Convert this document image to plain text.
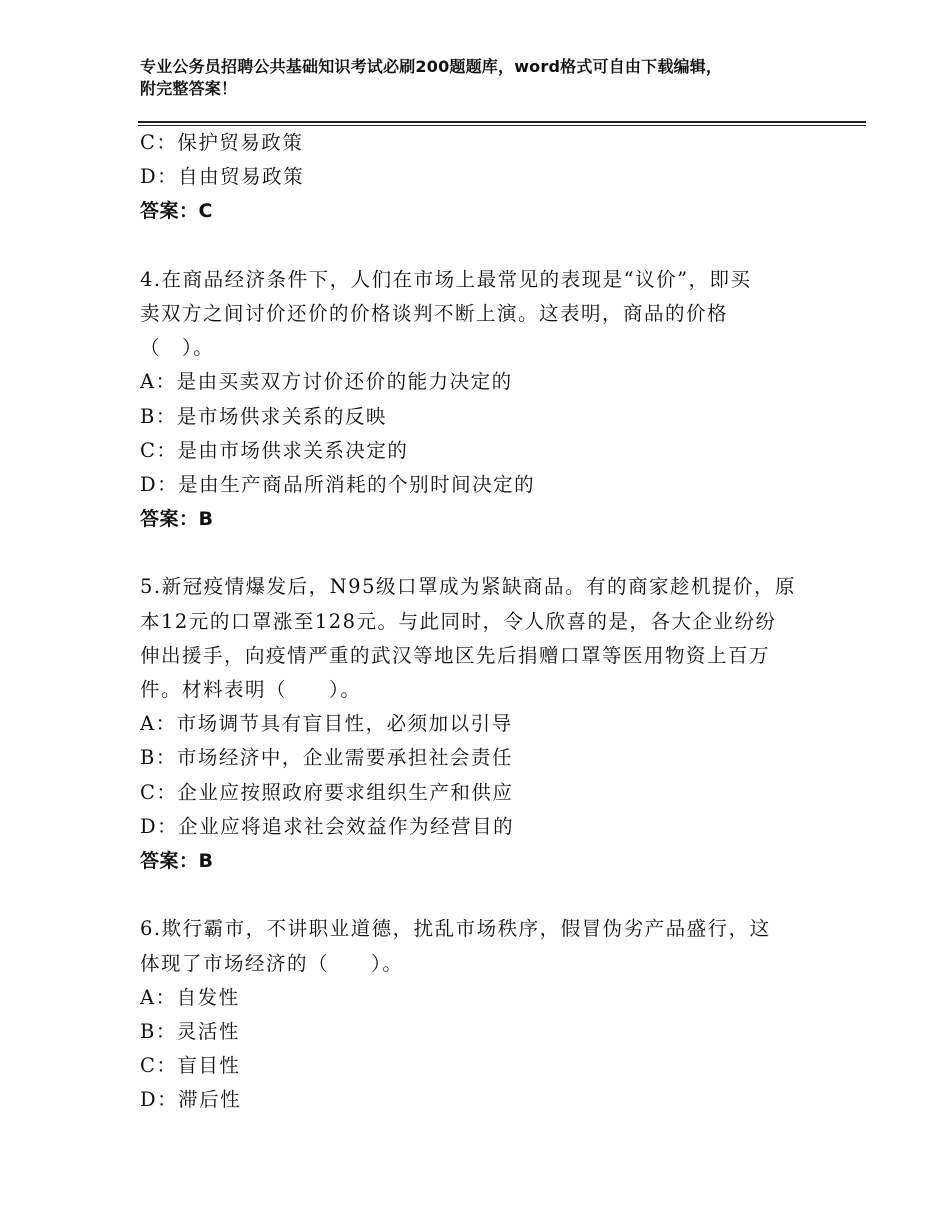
专业公务员招聘公共基础知识考试必刷200题题库，word格式可自由下载编辑，
附完整答案！
C：保护贸易政策
D：自由贸易政策
答案：C
4.在商品经济条件下，人们在市场上最常见的表现是“议价”，即买
卖双方之间讨价还价的价格谈判不断上演。这表明，商品的价格
（　）。
A：是由买卖双方讨价还价的能力决定的
B：是市场供求关系的反映
C：是由市场供求关系决定的
D：是由生产商品所消耗的个别时间决定的
答案：B
5.新冠疫情爆发后，N95级口罩成为紧缺商品。有的商家趁机提价，原
本12元的口罩涨至128元。与此同时，令人欣喜的是，各大企业纷纷
伸出援手，向疫情严重的武汉等地区先后捐赠口罩等医用物资上百万
件。材料表明（　　）。
A：市场调节具有盲目性，必须加以引导
B：市场经济中，企业需要承担社会责任
C：企业应按照政府要求组织生产和供应
D：企业应将追求社会效益作为经营目的
答案：B
6.欺行霸市，不讲职业道德，扰乱市场秩序，假冒伪劣产品盛行，这
体现了市场经济的（　　）。
A：自发性
B：灵活性
C：盲目性
D：滞后性
